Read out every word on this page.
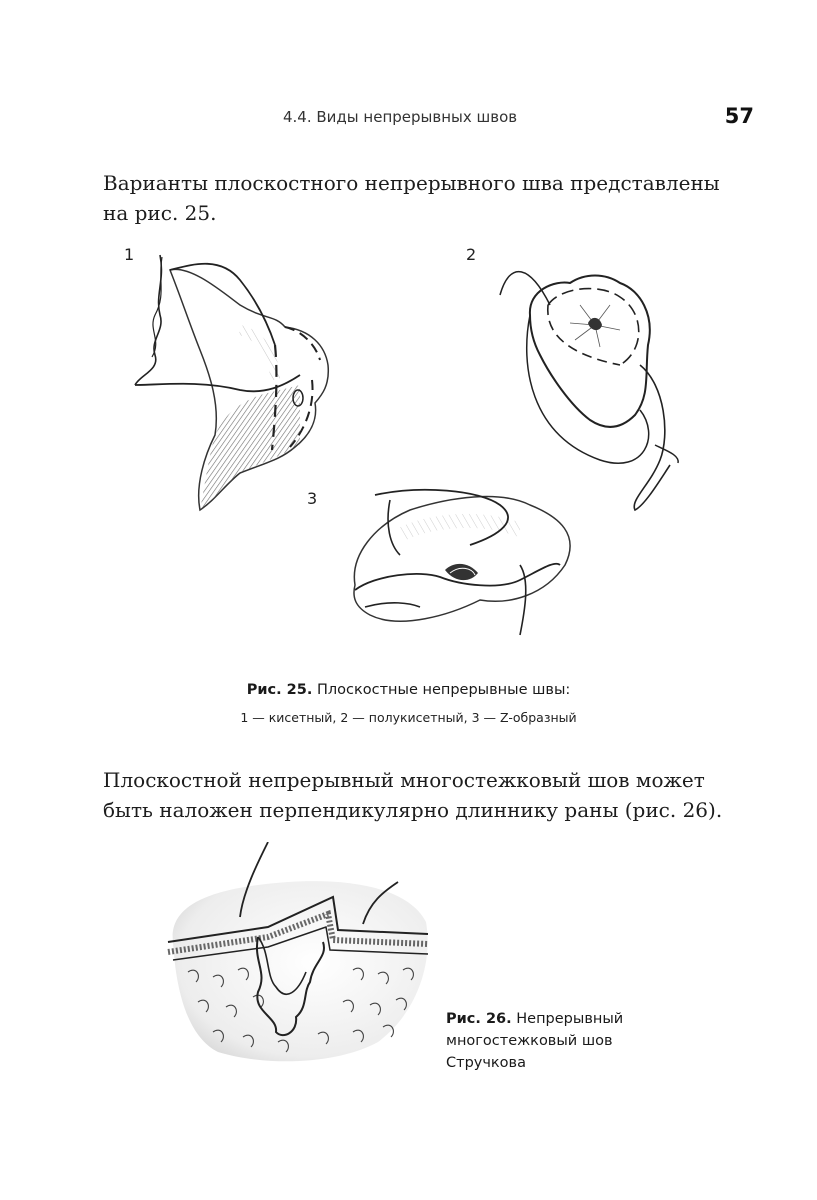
4.4. Виды непрерывных швов	57

Варианты плоскостного непрерывного шва представлены на рис. 25.

1	2
3
Рис. 25. Плоскостные непрерывные швы:
1 — кисетный, 2 — полукисетный, 3 — Z-образный

Плоскостной непрерывный многостежковый шов может быть наложен перпендикулярно длиннику раны (рис. 26).

Рис. 26. Непрерывный многостежковый шов Стручкова
